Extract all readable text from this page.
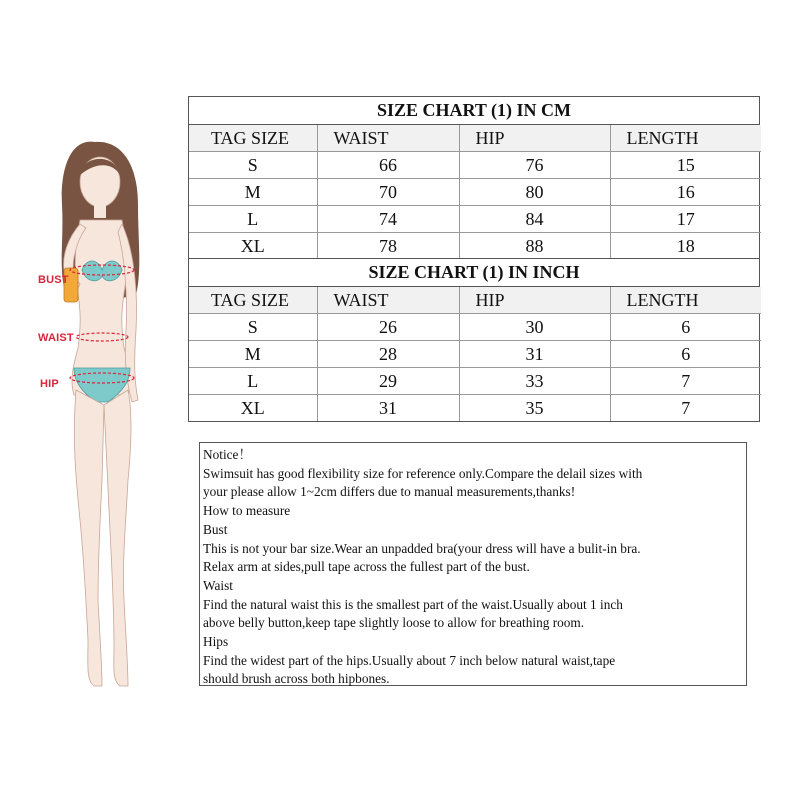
BUST
WAIST
HIP
SIZE CHART (1) IN CM
TAG SIZE	WAIST	HIP	LENGTH
S	66	76	15
M	70	80	16
L	74	84	17
XL	78	88	18
SIZE CHART (1) IN INCH
TAG SIZE	WAIST	HIP	LENGTH
S	26	30	6
M	28	31	6
L	29	33	7
XL	31	35	7
Notice！
Swimsuit has good flexibility size for reference only.Compare the delail sizes with
your please allow 1~2cm differs due to manual measurements,thanks!
How to measure
Bust
This is not your bar size.Wear an unpadded bra(your dress will have a bulit-in bra.
Relax arm at sides,pull tape across the fullest part of the bust.
Waist
Find the natural waist this is the smallest part of the waist.Usually about 1 inch
above belly button,keep tape slightly loose to allow for breathing room.
Hips
Find the widest part of the hips.Usually about 7 inch below natural waist,tape
should brush across both hipbones.
